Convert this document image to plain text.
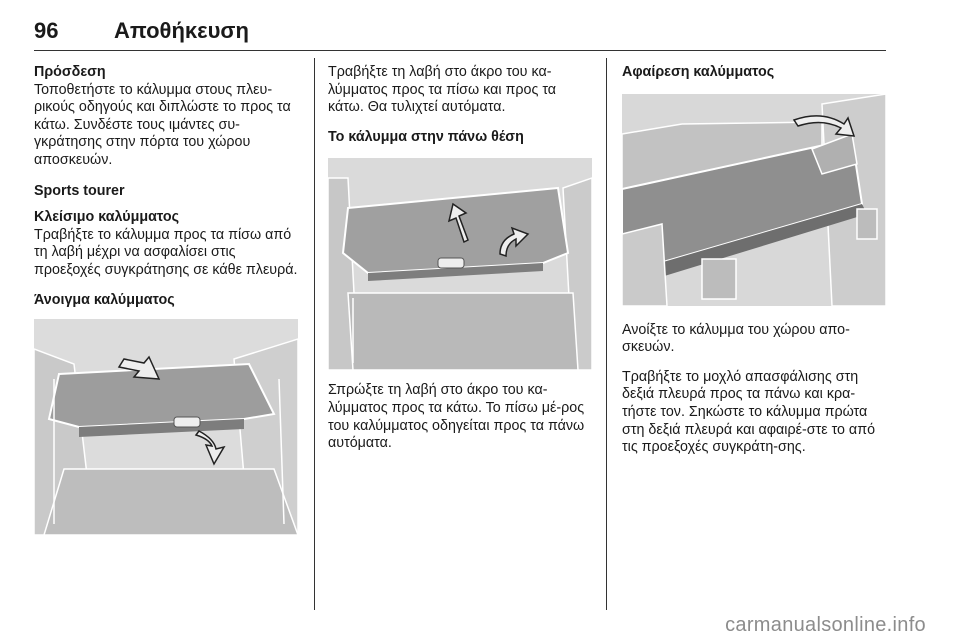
96	Αποθήκευση

Πρόσδεση

Τοποθετήστε το κάλυμμα στους πλευ-ρικούς οδηγούς και διπλώστε το προς τα κάτω. Συνδέστε τους ιμάντες συ-γκράτησης στην πόρτα του χώρου αποσκευών.

Sports tourer

Κλείσιμο καλύμματος

Τραβήξτε το κάλυμμα προς τα πίσω από τη λαβή μέχρι να ασφαλίσει στις προεξοχές συγκράτησης σε κάθε πλευρά.

Άνοιγμα καλύμματος

Τραβήξτε τη λαβή στο άκρο του κα-λύμματος προς τα πίσω και προς τα κάτω. Θα τυλιχτεί αυτόματα.

Το κάλυμμα στην πάνω θέση

Σπρώξτε τη λαβή στο άκρο του κα-λύμματος προς τα κάτω. Το πίσω μέ-ρος του καλύμματος οδηγείται προς τα πάνω αυτόματα.

Αφαίρεση καλύμματος

Ανοίξτε το κάλυμμα του χώρου απο-σκευών.

Τραβήξτε το μοχλό απασφάλισης στη δεξιά πλευρά προς τα πάνω και κρα-τήστε τον. Σηκώστε το κάλυμμα πρώτα στη δεξιά πλευρά και αφαιρέ-στε το από τις προεξοχές συγκράτη-σης.

carmanualsonline.info
